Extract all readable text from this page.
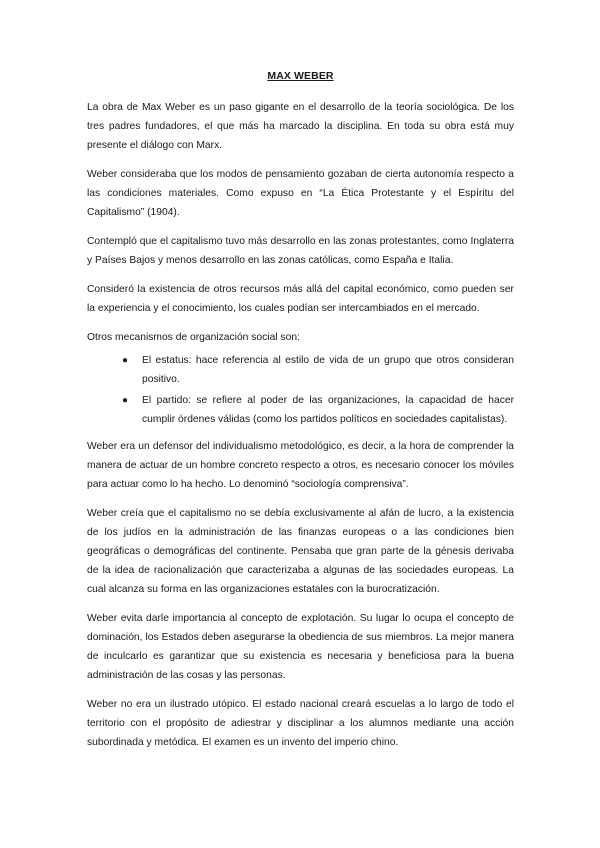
MAX WEBER

La obra de Max Weber es un paso gigante en el desarrollo de la teoría sociológica. De los tres padres fundadores, el que más ha marcado la disciplina. En toda su obra está muy presente el diálogo con Marx.

Weber consideraba que los modos de pensamiento gozaban de cierta autonomía respecto a las condiciones materiales. Como expuso en “La Ética Protestante y el Espíritu del Capitalismo” (1904).

Contempló que el capitalismo tuvo más desarrollo en las zonas protestantes, como Inglaterra y Países Bajos y menos desarrollo en las zonas católicas, como España e Italia.

Consideró la existencia de otros recursos más allá del capital económico, como pueden ser la experiencia y el conocimiento, los cuales podían ser intercambiados en el mercado.

Otros mecanismos de organización social son:

● El estatus: hace referencia al estilo de vida de un grupo que otros consideran positivo.
● El partido: se refiere al poder de las organizaciones, la capacidad de hacer cumplir órdenes válidas (como los partidos políticos en sociedades capitalistas).

Weber era un defensor del individualismo metodológico, es decir, a la hora de comprender la manera de actuar de un hombre concreto respecto a otros, es necesario conocer los móviles para actuar como lo ha hecho. Lo denominó “sociología comprensiva”.

Weber creía que el capitalismo no se debía exclusivamente al afán de lucro, a la existencia de los judíos en la administración de las finanzas europeas o a las condiciones bien geográficas o demográficas del continente. Pensaba que gran parte de la génesis derivaba de la idea de racionalización que caracterizaba a algunas de las sociedades europeas. La cual alcanza su forma en las organizaciones estatales con la burocratización.

Weber evita darle importancia al concepto de explotación. Su lugar lo ocupa el concepto de dominación, los Estados deben asegurarse la obediencia de sus miembros. La mejor manera de inculcarlo es garantizar que su existencia es necesaria y beneficiosa para la buena administración de las cosas y las personas.

Weber no era un ilustrado utópico. El estado nacional creará escuelas a lo largo de todo el territorio con el propósito de adiestrar y disciplinar a los alumnos mediante una acción subordinada y metódica. El examen es un invento del imperio chino.
